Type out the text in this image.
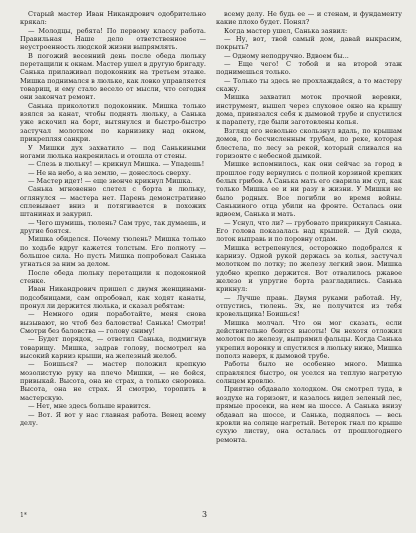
Старый мастер Иван Никандрович одобрительно крякал:

— Молодцы, ребята! По первому классу работа. Правильная Наше дело ответственное — неустроенность людской жизни выпрямлять.

В погожий весенний день после обеда люльку перетащили к окнам. Мастер ушел в другую бригаду. Санька прилаживал подоконник на третьем этаже. Мишка поднимался в люльке, как ловко управляется товарищ, и ему стало весело от мысли, что сегодня они закончат ремонт.

Санька приколотил подоконник. Мишка только взялся за канат, чтобы поднять люльку, а Санька уже вскочил на борт, вытянулся и быстро-быстро застучал молотком по карнизику над окном, прикрепляя санкри.

У Мишки дух захватило — под Санькиными ногами люлька накренилась и отошла от стены.

— Слезь в люльку! — крикнул Мишка. — Упадешь!

— Не на небо, а на землю, — донеслось сверху.

— Мастер идет! — еще звонче крикнул Мишка.

Санька мгновенно слетел с борта в люльку, оглянулся — мастера нет. Парень демонстративно сплевывает вниз и потягивается в похожих штанинах и закурил.

— Чего шумишь, тюлень? Сам трус, так думаешь, и другие боятся.

Мишка обиделся. Почему тюлень? Мишка только по ходьбе вдруг кажется толстым. Его полноту — большое сила. Но пусть Мишка попробовал Санька угнаться за ним за делом.

После обеда люльку перетащили к подоконной стенке.

Иван Никандрович пришел с двумя женщинами-подсобницами, сам опробовал, как ходят канаты, пронул ли держится люлька, и сказал ребятам:

— Немного один поработайте, меня снова вызывают, но чтоб без баловства! Санька! Смотри! Смотри без баловства — голову сниму!

— Будет порядок, — ответил Санька, подмигнув товарищу. Мишка, задрав голову, посмотрел на высокий карниз крыши, на железный желоб.

— Боишься? — мастер положил крепкую мозолистую руку на плечо Мишки, — не бойся, привыкай. Высота, она не страх, а только сноровка. Высота, она не страх. Я смотрю, торопить в мастерскую.

— Нет, мне здесь больше нравится.

— Вот. Я вот у нас главная работа. Венец всему делу.

всему делу. Не будь ее — и стенам, и фундаменту какие плохо будет. Понял?

Когда мастер ушел, Санька заявил:

— Ну, вот, твой самый дом, давай выкрасим, покрыть?

— Одному неподручно. Вдвоем бы...

— Еще чего! С тобой и на второй этаж поднимешься только.

— Только ты здесь не прохлаждайся, а то мастеру скажу.

Мишка захватил моток прочной веревки, инструмент, вышел через слуховое окно на крышу дома, привязался себя к дымовой трубе и спустился к парапету, где были заготовлены колья.

Взгляд его невольно скользнул вдаль, по крышам домов, по бесчисленным трубам, по реке, которая блестела, по лесу за рекой, который сливался на горизонте с небесной дымкой.

Мишке вспомнилось, как они сейчас за город в прошлое году вернулись с полной корзиной крепких белых грибов. А Санька мать его сварила им суп, как только Мишка ее и ни разу в жизни. У Мишки не было родных. Все погибли во время войны. Санькиного отца убили на фронте. Осталась они вдвоем, Санька и мать.

— Уснул, что ли? — грубовато прикрикнул Санька. Его голова показалась над крышей. — Дуй сюда, лоток выправь и по поровну отдам.

Мишка встрепенулся, осторожно подобрался к карнизу. Одной рукой держась за колья, застучал молотком по лотку; по железу легкий звон. Мишка удобно крепко держится. Вот отвалилось ржавое железо и упругие борта разгладились. Санька крикнул:

— Лучше правь. Двумя руками работай. Ну, отпустись, тюлень. Эх, не получится из тебя кровельщика! Боишься!

Мишка молчал. Что он мог сказать, если действительно боится высоты! Он нехотя отложил молоток по железу, выпрямил фальцы. Когда Санька укрепил воронку и спустился в люльку ниже, Мишка пополз наверх, к дымовой трубе.

Работы было не особенно много. Мишка справлялся быстро, он уселся на теплую нагретую солнцем кровлю.

Приятно обдавало холодком. Он смотрел туда, в воздухе на горизонт, и казалось видел зеленый лес, прямые просеки, на нем на шоссе. А Санька внизу обдавал на шоссе, и Санька, поднялось — весь кровли на солнце нагретый. Ветерок гнал по крыше сухую листву, она осталась от прошлогоднего ремонта.

1*	3
